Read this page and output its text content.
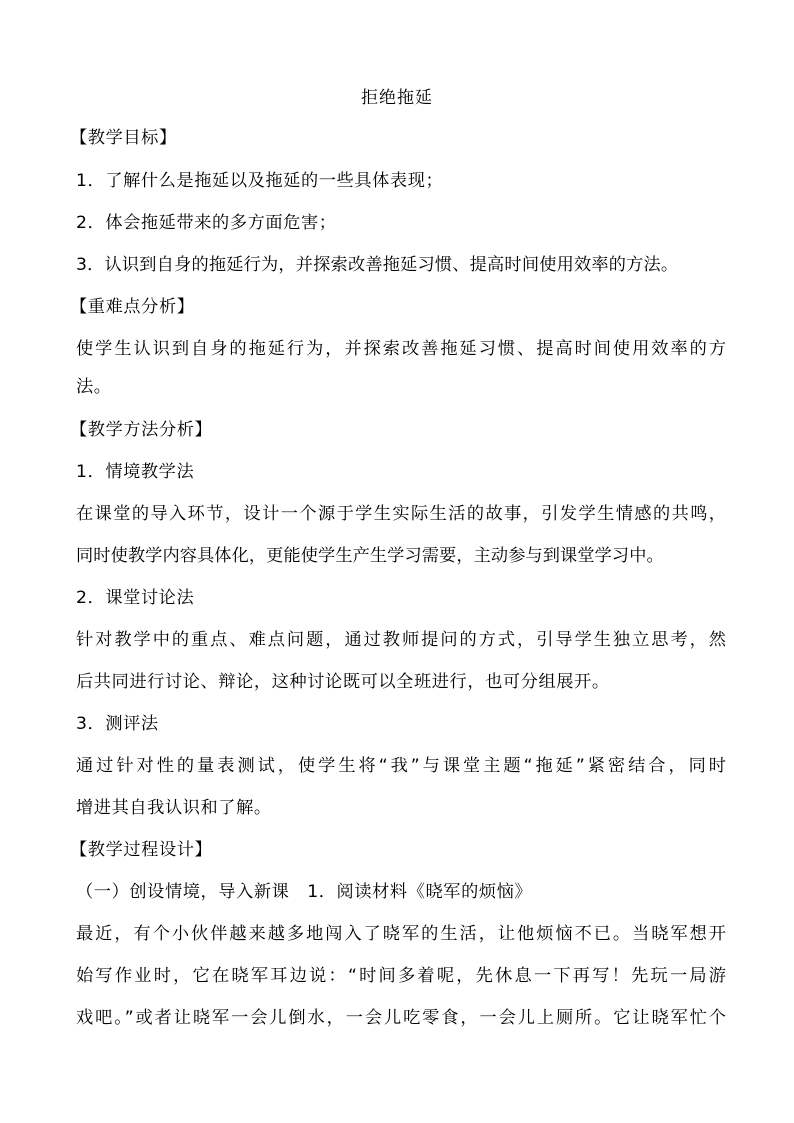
拒绝拖延
【教学目标】
1．了解什么是拖延以及拖延的一些具体表现；
2．体会拖延带来的多方面危害；
3．认识到自身的拖延行为，并探索改善拖延习惯、提高时间使用效率的方法。
【重难点分析】
使学生认识到自身的拖延行为，并探索改善拖延习惯、提高时间使用效率的方
法。
【教学方法分析】
1．情境教学法
在课堂的导入环节，设计一个源于学生实际生活的故事，引发学生情感的共鸣，
同时使教学内容具体化，更能使学生产生学习需要，主动参与到课堂学习中。
2．课堂讨论法
针对教学中的重点、难点问题，通过教师提问的方式，引导学生独立思考，然
后共同进行讨论、辩论，这种讨论既可以全班进行，也可分组展开。
3．测评法
通过针对性的量表测试，使学生将“我”与课堂主题“拖延”紧密结合，同时
增进其自我认识和了解。
【教学过程设计】
（一）创设情境，导入新课　1．阅读材料《晓军的烦恼》
最近，有个小伙伴越来越多地闯入了晓军的生活，让他烦恼不已。当晓军想开
始写作业时，它在晓军耳边说：“时间多着呢，先休息一下再写！先玩一局游
戏吧。”或者让晓军一会儿倒水，一会儿吃零食，一会儿上厕所。它让晓军忙个
